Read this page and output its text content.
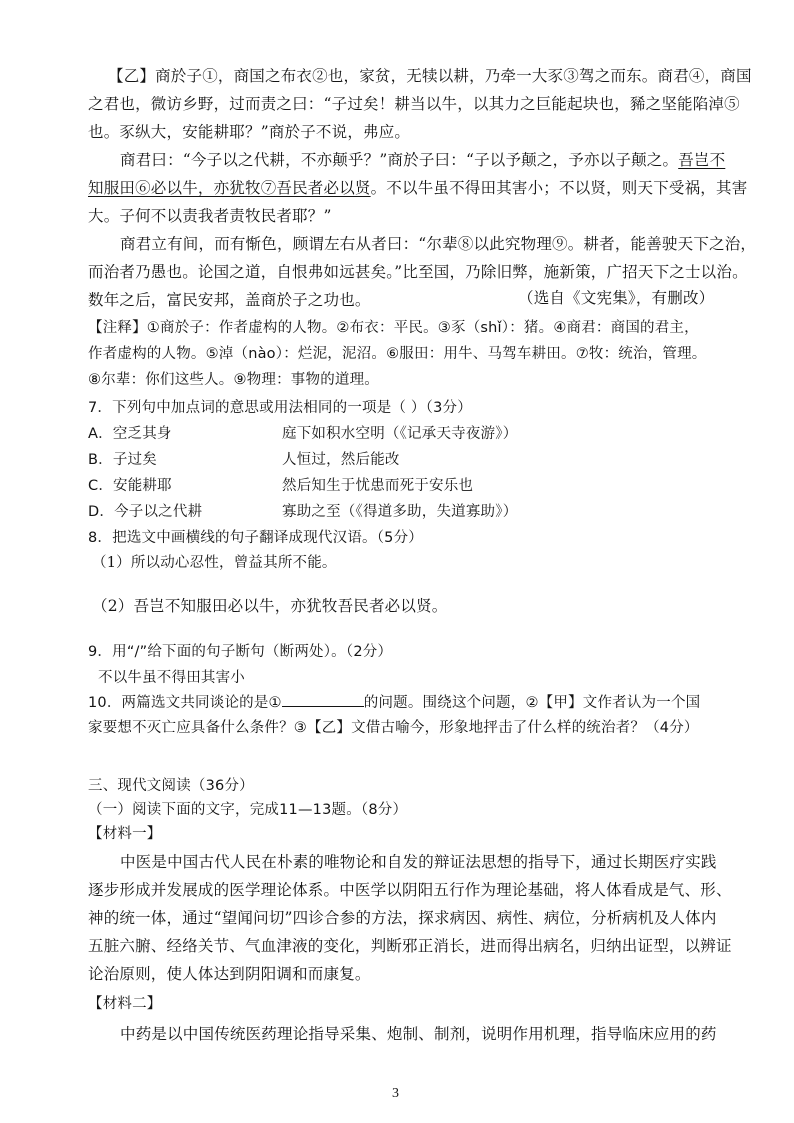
【乙】商於子①，商国之布衣②也，家贫，无犊以耕，乃牵一大豕③驾之而东。商君④，商国
之君也，微访乡野，过而责之曰：“子过矣！耕当以牛，以其力之巨能起块也，豨之坚能陷淖⑤
也。豕纵大，安能耕耶？”商於子不说，弗应。
商君曰：“今子以之代耕，不亦颠乎？”商於子曰：“子以予颠之，予亦以子颠之。吾岂不
知服田⑥必以牛，亦犹牧⑦吾民者必以贤。不以牛虽不得田其害小；不以贤，则天下受祸，其害
大。子何不以责我者责牧民者耶？”
商君立有间，而有惭色，顾谓左右从者曰：“尔辈⑧以此究物理⑨。耕者，能善驶天下之治，
而治者乃愚也。论国之道，自恨弗如远甚矣。”比至国，乃除旧弊，施新策，广招天下之士以治。
数年之后，富民安邦，盖商於子之功也。	（选自《文宪集》，有删改）
【注释】①商於子：作者虚构的人物。②布衣：平民。③豕（shǐ）：猪。④商君：商国的君主，
作者虚构的人物。⑤淖（nào）：烂泥，泥沼。⑥服田：用牛、马驾车耕田。⑦牧：统治，管理。
⑧尔辈：你们这些人。⑨物理：事物的道理。
7．下列句中加点词的意思或用法相同的一项是（ ）（3分）
A．空乏其身	庭下如积水空明（《记承天寺夜游》）
B．子过矣	人恒过，然后能改
C．安能耕耶	然后知生于忧患而死于安乐也
D．今子以之代耕	寡助之至（《得道多助，失道寡助》）
8．把选文中画横线的句子翻译成现代汉语。（5分）
（1）所以动心忍性，曾益其所不能。
（2）吾岂不知服田必以牛，亦犹牧吾民者必以贤。
9．用“/”给下面的句子断句（断两处）。（2分）
不以牛虽不得田其害小
10．两篇选文共同谈论的是①	的问题。围绕这个问题，②【甲】文作者认为一个国
家要想不灭亡应具备什么条件？③【乙】文借古喻今，形象地抨击了什么样的统治者？（4分）
三、现代文阅读（36分）
（一）阅读下面的文字，完成11—13题。（8分）
【材料一】
中医是中国古代人民在朴素的唯物论和自发的辩证法思想的指导下，通过长期医疗实践
逐步形成并发展成的医学理论体系。中医学以阴阳五行作为理论基础，将人体看成是气、形、
神的统一体，通过“望闻问切”四诊合参的方法，探求病因、病性、病位，分析病机及人体内
五脏六腑、经络关节、气血津液的变化，判断邪正消长，进而得出病名，归纳出证型，以辨证
论治原则，使人体达到阴阳调和而康复。
【材料二】
中药是以中国传统医药理论指导采集、炮制、制剂，说明作用机理，指导临床应用的药
3
